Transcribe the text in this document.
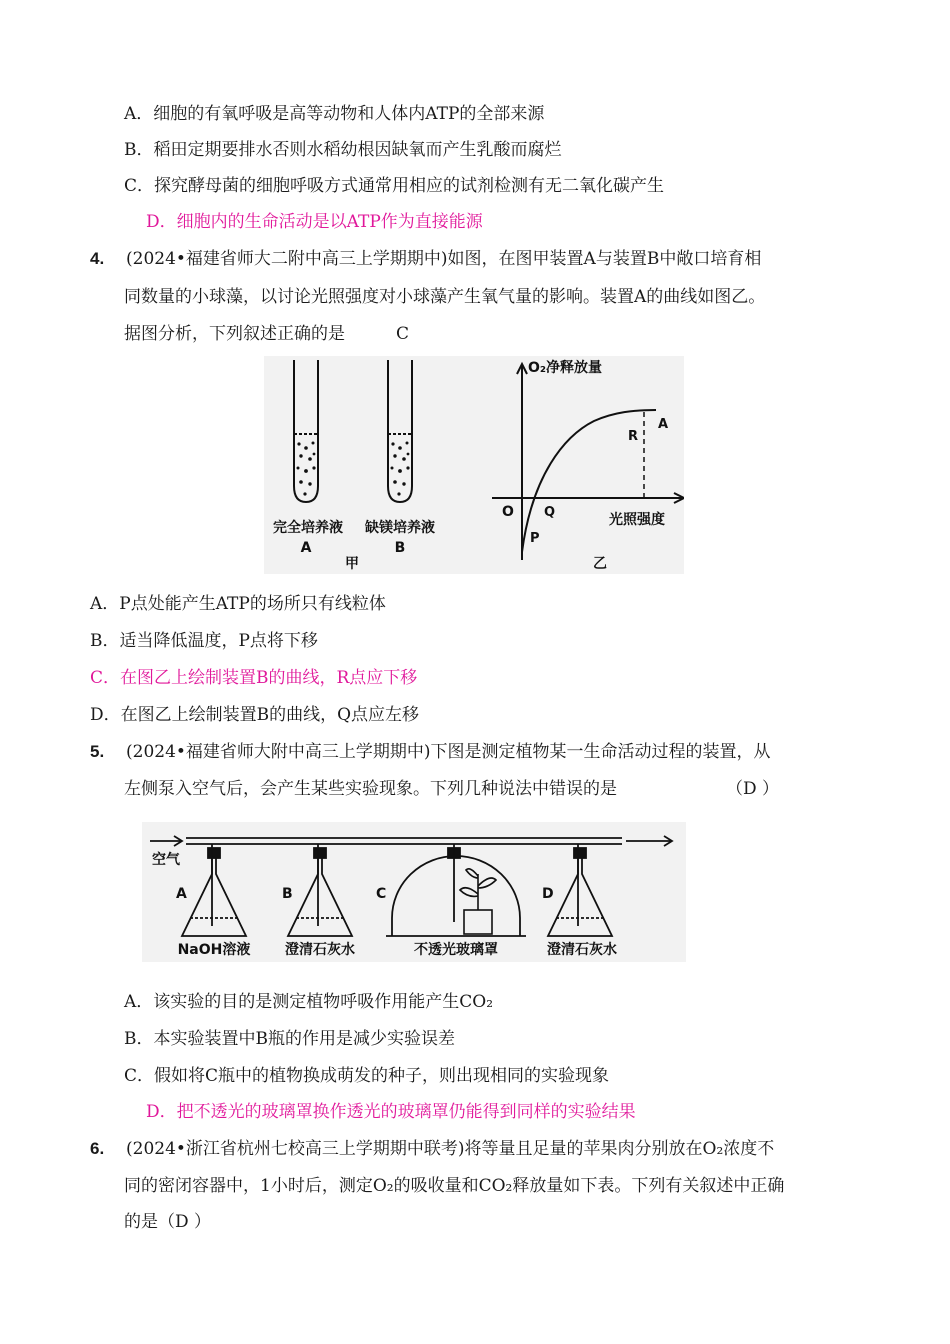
A．细胞的有氧呼吸是高等动物和人体内ATP的全部来源
B．稻田定期要排水否则水稻幼根因缺氧而产生乳酸而腐烂
C．探究酵母菌的细胞呼吸方式通常用相应的试剂检测有无二氧化碳产生
D．细胞内的生命活动是以ATP作为直接能源
4. (2024•福建省师大二附中高三上学期期中)如图，在图甲装置A与装置B中敞口培育相
同数量的小球藻，以讨论光照强度对小球藻产生氧气量的影响。装置A的曲线如图乙。
据图分析，下列叙述正确的是	C
完全培养液
A
缺镁培养液
B
甲
O₂净释放量
光照强度
O
P
Q
R
A
乙
A．P点处能产生ATP的场所只有线粒体
B．适当降低温度，P点将下移
C．在图乙上绘制装置B的曲线，R点应下移
D．在图乙上绘制装置B的曲线，Q点应左移
5. (2024•福建省师大附中高三上学期期中)下图是测定植物某一生命活动过程的装置，从
左侧泵入空气后，会产生某些实验现象。下列几种说法中错误的是	（D ）
空气
A
NaOH溶液
B
澄清石灰水
C
不透光玻璃罩
D
澄清石灰水
A．该实验的目的是测定植物呼吸作用能产生CO₂
B．本实验装置中B瓶的作用是减少实验误差
C．假如将C瓶中的植物换成萌发的种子，则出现相同的实验现象
D．把不透光的玻璃罩换作透光的玻璃罩仍能得到同样的实验结果
6. (2024•浙江省杭州七校高三上学期期中联考)将等量且足量的苹果肉分别放在O₂浓度不
同的密闭容器中，1小时后，测定O₂的吸收量和CO₂释放量如下表。下列有关叙述中正确
的是（D ）
